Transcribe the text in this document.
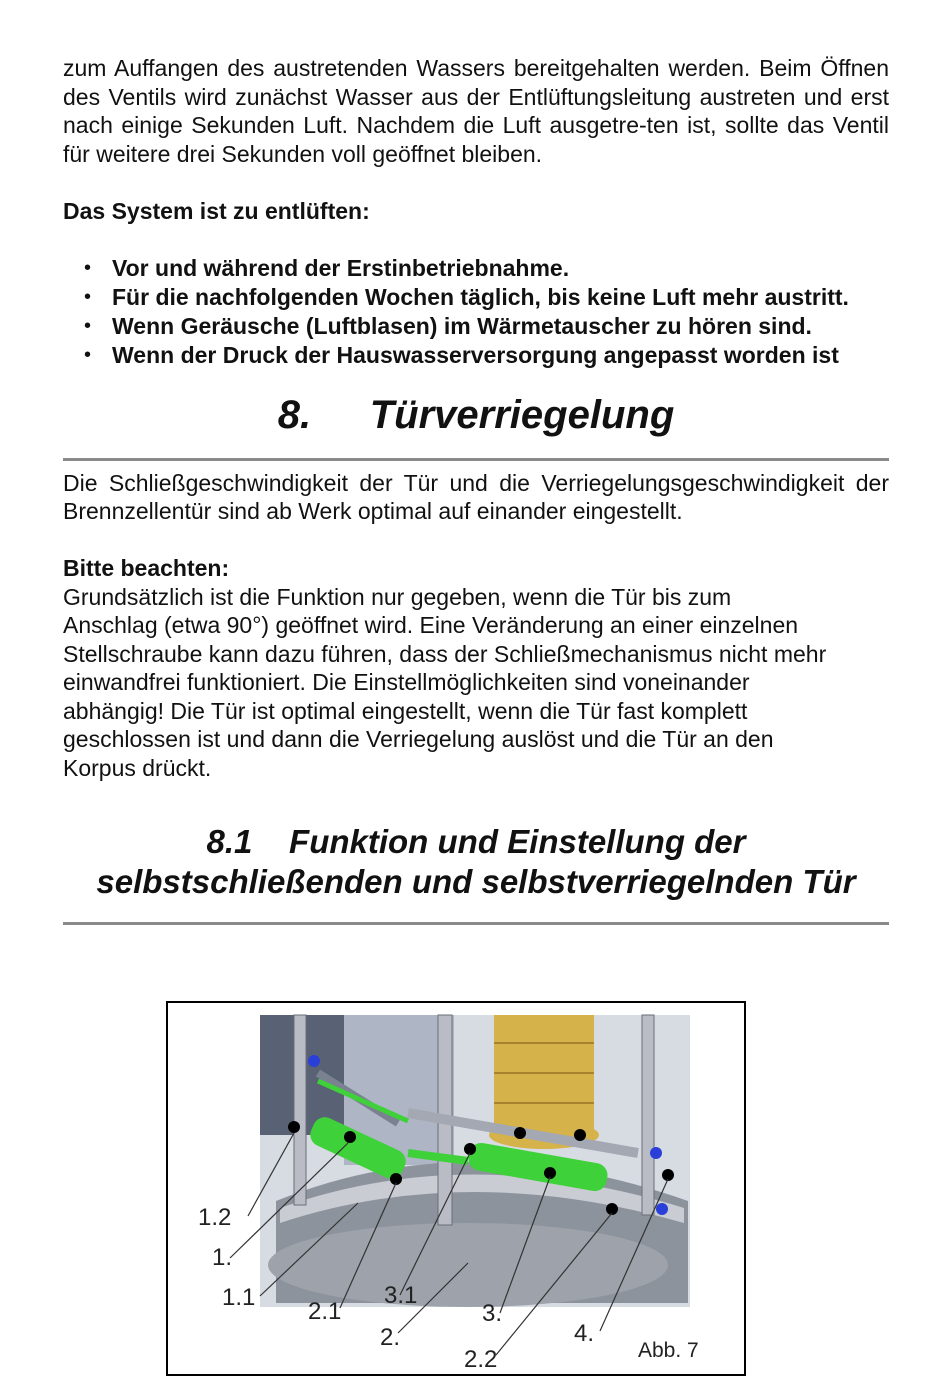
zum Auffangen des austretenden Wassers bereitgehalten werden. Beim Öffnen des Ventils wird zunächst Wasser aus der Entlüftungsleitung austreten und erst nach einige Sekunden Luft. Nachdem die Luft ausgetre-ten ist, sollte das Ventil für weitere drei Sekunden voll geöffnet bleiben.

Das System ist zu entlüften:

• Vor und während der Erstinbetriebnahme.
• Für die nachfolgenden Wochen täglich, bis keine Luft mehr austritt.
• Wenn Geräusche (Luftblasen) im Wärmetauscher zu hören sind.
• Wenn der Druck der Hauswasserversorgung angepasst worden ist
8. Türverriegelung

Die Schließgeschwindigkeit der Tür und die Verriegelungsgeschwindigkeit der Brennzellentür sind ab Werk optimal auf einander eingestellt.

Bitte beachten:

Grundsätzlich ist die Funktion nur gegeben, wenn die Tür bis zum

Anschlag (etwa 90°) geöffnet wird. Eine Veränderung an einer einzelnen

Stellschraube kann dazu führen, dass der Schließmechanismus nicht mehr

einwandfrei funktioniert. Die Einstellmöglichkeiten sind voneinander

abhängig! Die Tür ist optimal eingestellt, wenn die Tür fast komplett

geschlossen ist und dann die Verriegelung auslöst und die Tür an den

Korpus drückt.

8.1 Funktion und Einstellung der
selbstschließenden und selbstverriegelnden Tür
1.2
1.
1.1
2.1
3.1
2.
3.
2.2
4.
Abb. 7
